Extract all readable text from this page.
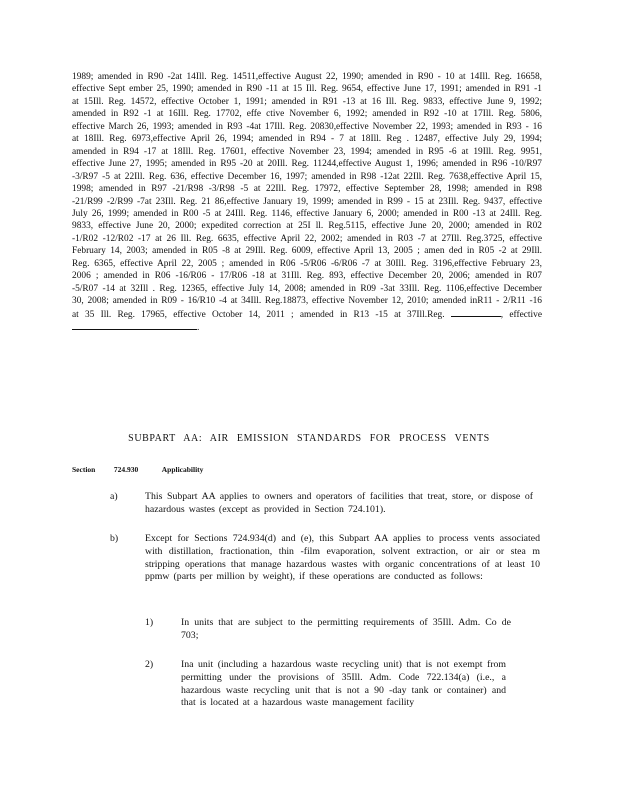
1989; amended in R90 -2at 14Ill. Reg. 14511,effective August 22, 1990; amended in R90 - 10 at 14Ill. Reg. 16658, effective Sept ember 25, 1990; amended in R90 -11 at 15 Ill. Reg. 9654, effective June 17, 1991; amended in R91 -1 at 15Ill. Reg. 14572, effective October 1, 1991; amended in R91 -13 at 16 Ill. Reg. 9833, effective June 9, 1992; amended in R92 -1 at 16Ill. Reg. 17702, effe ctive November 6, 1992; amended in R92 -10 at 17Ill. Reg. 5806, effective March 26, 1993; amended in R93 -4at 17Ill. Reg. 20830,effective November 22, 1993; amended in R93 - 16 at 18Ill. Reg. 6973,effective April 26, 1994; amended in R94 - 7 at 18Ill. Reg . 12487, effective July 29, 1994; amended in R94 -17 at 18Ill. Reg. 17601, effective November 23, 1994; amended in R95 -6 at 19Ill. Reg. 9951, effective June 27, 1995; amended in R95 -20 at 20Ill. Reg. 11244,effective August 1, 1996; amended in R96 -10/R97 -3/R97 -5 at 22Ill. Reg. 636, effective December 16, 1997; amended in R98 -12at 22Ill. Reg. 7638,effective April 15, 1998; amended in R97 -21/R98 -3/R98 -5 at 22Ill. Reg. 17972, effective September 28, 1998; amended in R98 -21/R99 -2/R99 -7at 23Ill. Reg. 21 86,effective January 19, 1999; amended in R99 - 15 at 23Ill. Reg. 9437, effective July 26, 1999; amended in R00 -5 at 24Ill. Reg. 1146, effective January 6, 2000; amended in R00 -13 at 24Ill. Reg. 9833, effective June 20, 2000; expedited correction at 25I ll. Reg.5115, effective June 20, 2000; amended in R02 -1/R02 -12/R02 -17 at 26 Ill. Reg. 6635, effective April 22, 2002; amended in R03 -7 at 27Ill. Reg.3725, effective February 14, 2003; amended in R05 -8 at 29Ill. Reg. 6009, effective April 13, 2005 ; amen ded in R05 -2 at 29Ill. Reg. 6365, effective April 22, 2005 ; amended in R06 -5/R06 -6/R06 -7 at 30Ill. Reg. 3196,effective February 23, 2006 ; amended in R06 -16/R06 - 17/R06 -18 at 31Ill. Reg. 893, effective December 20, 2006; amended in R07 -5/R07 -14 at 32Ill . Reg. 12365, effective July 14, 2008; amended in R09 -3at 33Ill. Reg. 1106,effective December 30, 2008; amended in R09 - 16/R10 -4 at 34Ill. Reg.18873, effective November 12, 2010; amended inR11 - 2/R11 -16 at 35 Ill. Reg. 17965, effective October 14, 2011 ; amended in R13 -15 at 37Ill.Reg.	, effective .
SUBPART AA: AIR EMISSION STANDARDS FOR PROCESS VENTS
Section 724.930	Applicability
a)	This Subpart AA applies to owners and operators of facilities that treat, store, or dispose of hazardous wastes (except as provided in Section 724.101).
b)	Except for Sections 724.934(d) and (e), this Subpart AA applies to process vents associated with distillation, fractionation, thin -film evaporation, solvent extraction, or air or stea m stripping operations that manage hazardous wastes with organic concentrations of at least 10 ppmw (parts per million by weight), if these operations are conducted as follows:
1)	In units that are subject to the permitting requirements of 35Ill. Adm. Co de 703;
2)	Ina unit (including a hazardous waste recycling unit) that is not exempt from permitting under the provisions of 35Ill. Adm. Code 722.134(a) (i.e., a hazardous waste recycling unit that is not a 90 -day tank or container) and that is located at a hazardous waste management facility
